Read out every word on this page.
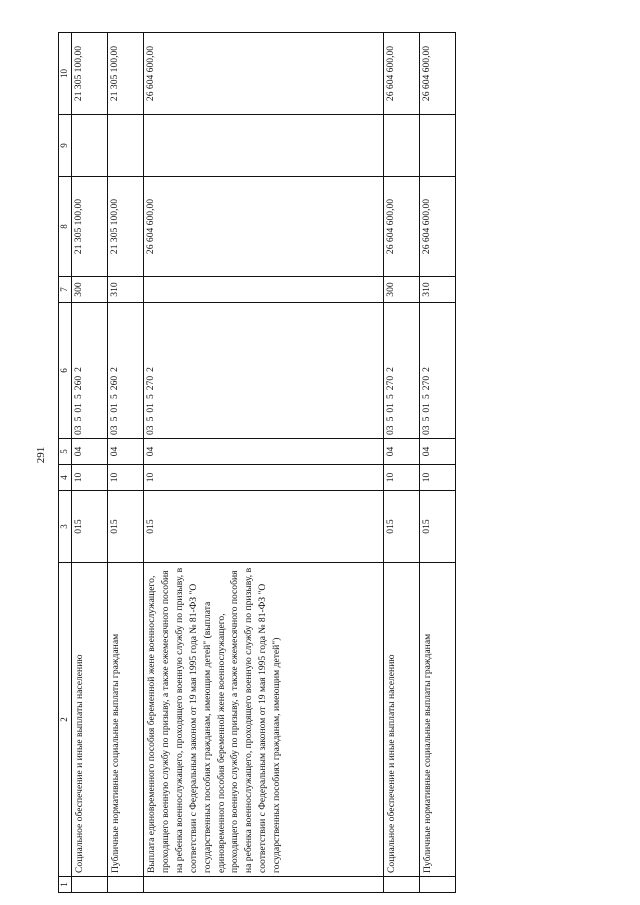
291
1	2	3	4	5	6	7	8	9	10
	Социальное обеспечение и иные выплаты населению	015	10	04	0350152602	300	21 305 100,00		21 305 100,00
	Публичные нормативные социальные выплаты гражданам	015	10	04	0350152602	310	21 305 100,00		21 305 100,00
	Выплата единовременного пособия беременной жене военнослужащего, проходящего военную службу по призыву, а также ежемесячного пособия на ребенка военнослужащего, проходящего военную службу по призыву, в соответствии с Федеральным законом от 19 мая 1995 года № 81-ФЗ "О государственных пособиях гражданам, имеющим детей" (выплата единовременного пособия беременной жене военнослужащего, проходящего военную службу по призыву, а также ежемесячного пособия на ребенка военнослужащего, проходящего военную службу по призыву, в соответствии с Федеральным законом от 19 мая 1995 года № 81-ФЗ "О государственных пособиях гражданам, имеющим детей")	015	10	04	0350152702		26 604 600,00		26 604 600,00
	Социальное обеспечение и иные выплаты населению	015	10	04	0350152702	300	26 604 600,00		26 604 600,00
	Публичные нормативные социальные выплаты гражданам	015	10	04	0350152702	310	26 604 600,00		26 604 600,00
